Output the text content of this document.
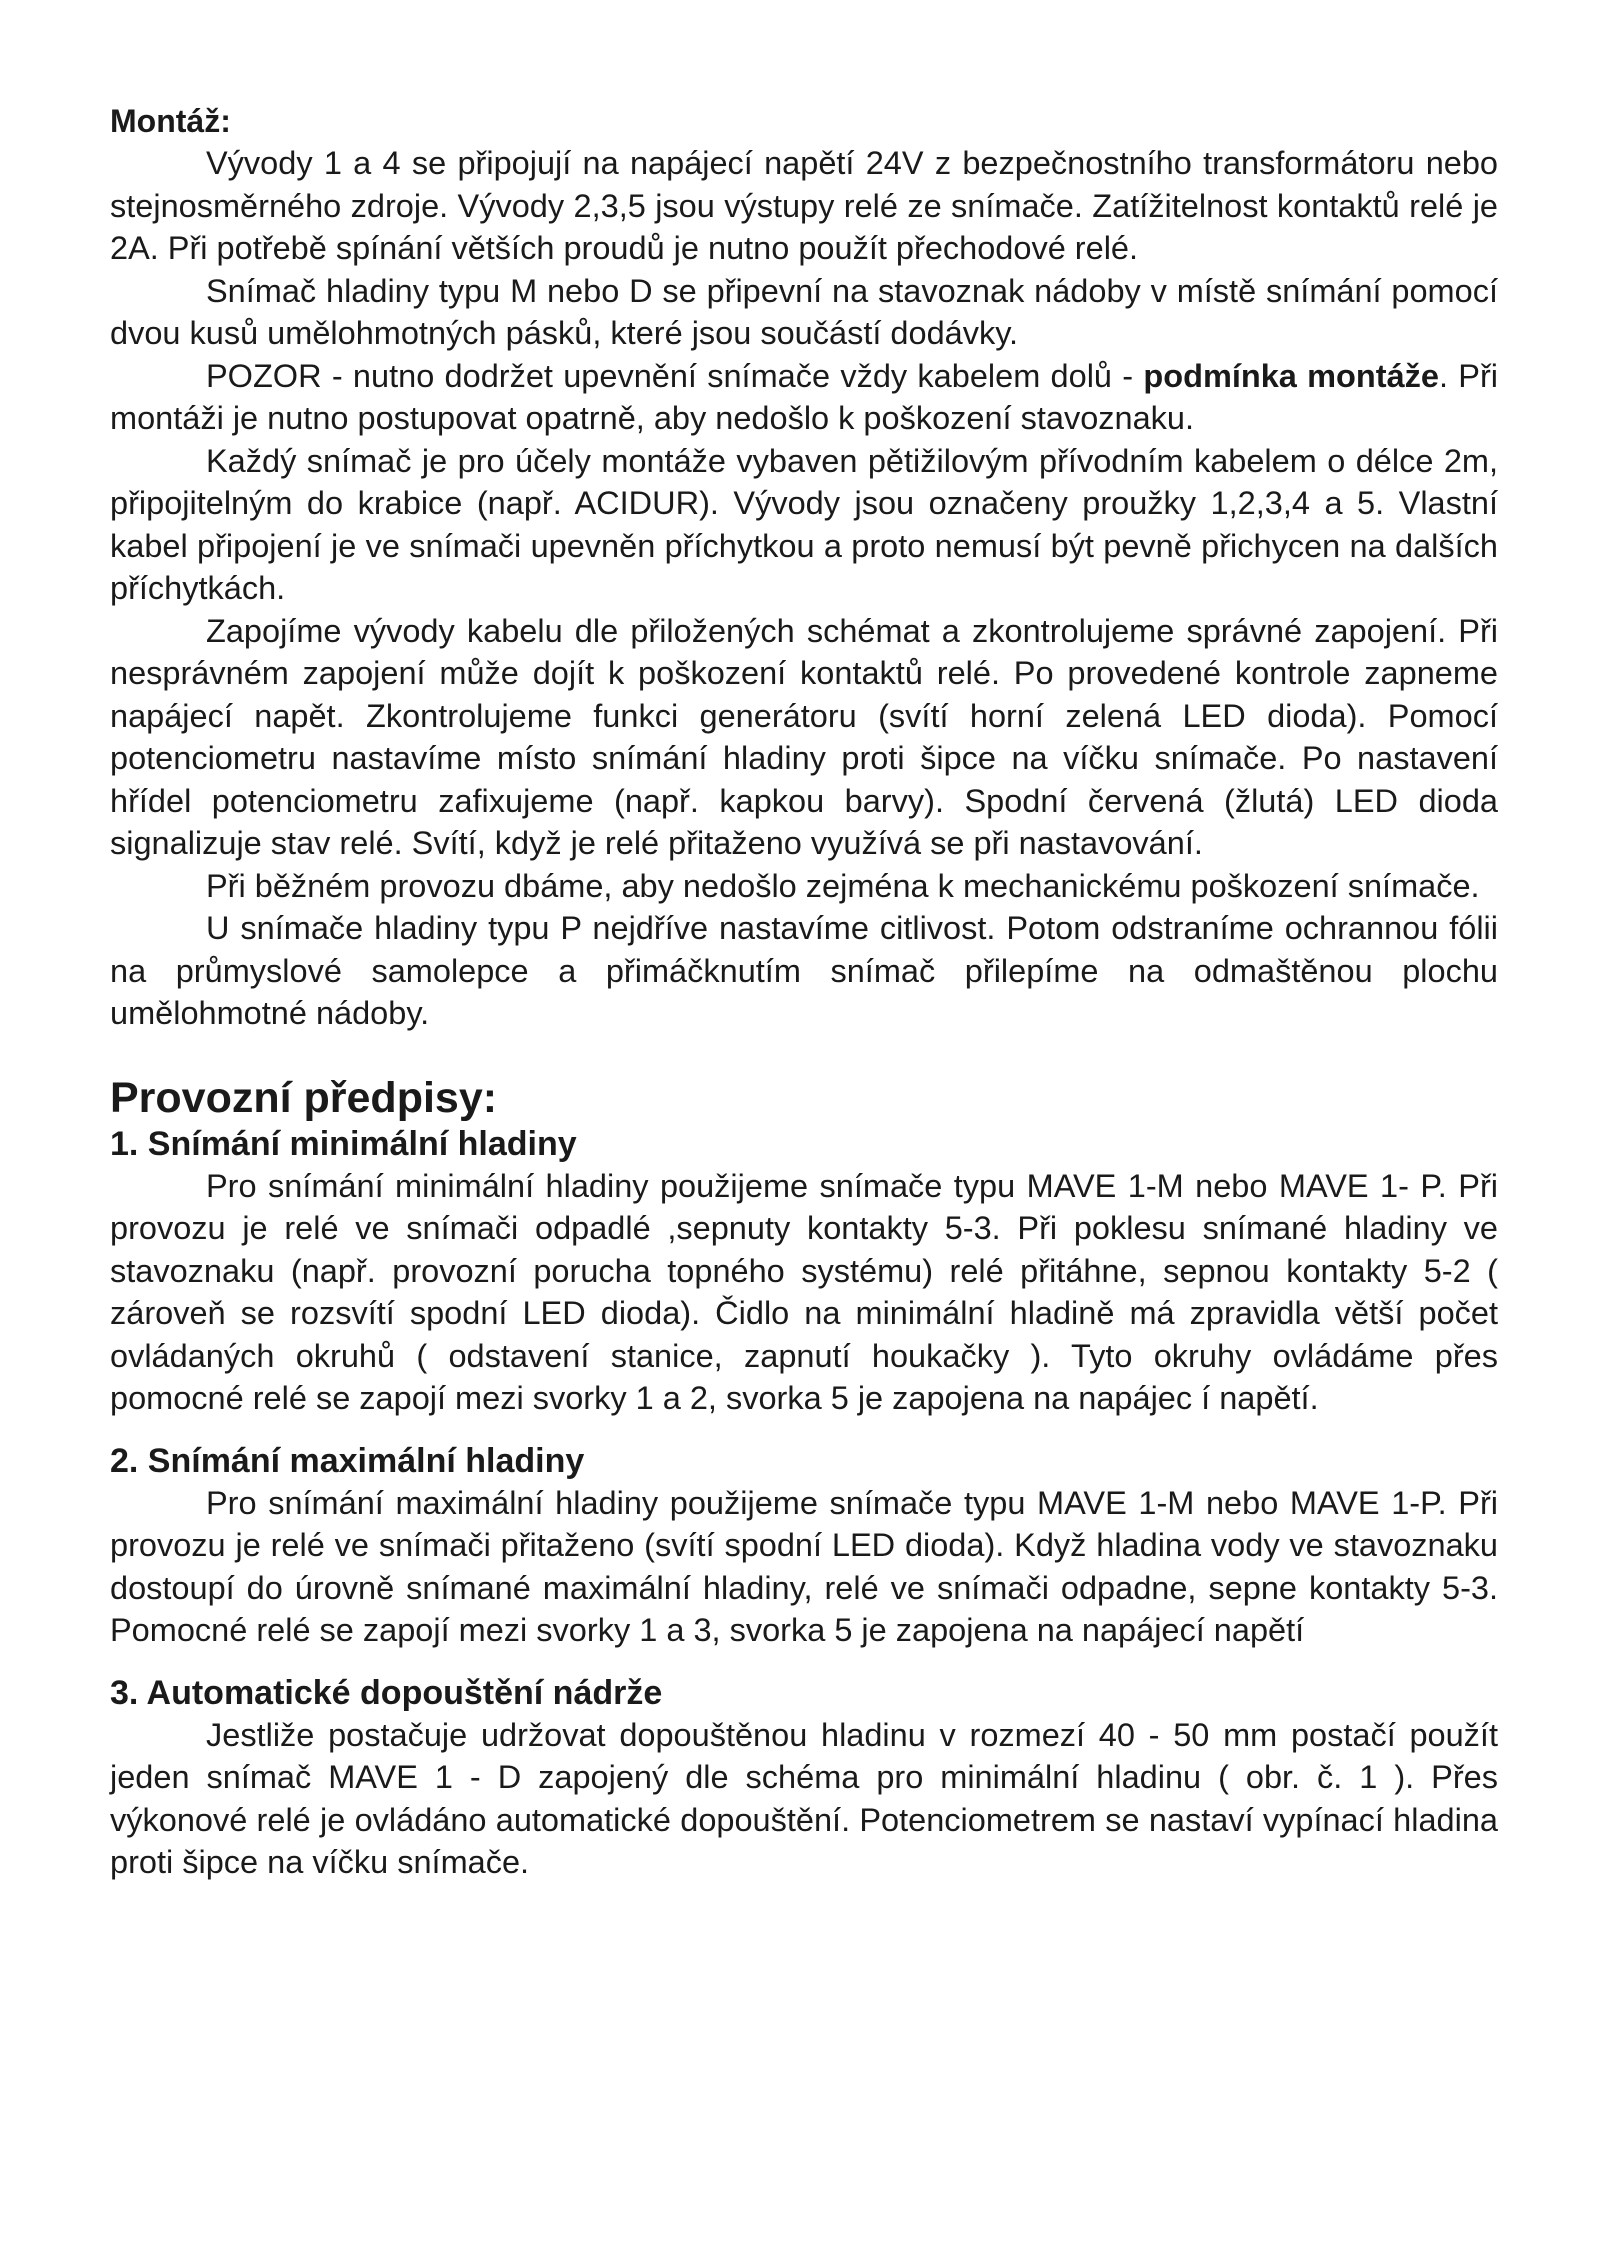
Montáž:

Vývody 1 a 4 se připojují na napájecí napětí 24V z bezpečnostního transformátoru nebo stejnosměrného zdroje. Vývody 2,3,5 jsou výstupy relé ze snímače. Zatížitelnost kontaktů relé je 2A. Při potřebě spínání větších proudů je nutno použít přechodové relé.

Snímač hladiny typu M nebo D se připevní na stavoznak nádoby v místě snímání pomocí dvou kusů umělohmotných pásků, které jsou součástí dodávky.

POZOR - nutno dodržet upevnění snímače vždy kabelem dolů - podmínka montáže. Při montáži je nutno postupovat opatrně, aby nedošlo k poškození stavoznaku.

Každý snímač je pro účely montáže vybaven pětižilovým přívodním kabelem o délce 2m, připojitelným do krabice (např. ACIDUR). Vývody jsou označeny proužky 1,2,3,4 a 5. Vlastní kabel připojení je ve snímači upevněn příchytkou a proto nemusí být pevně přichycen na dalších příchytkách.

Zapojíme vývody kabelu dle přiložených schémat a zkontrolujeme správné zapojení. Při nesprávném zapojení může dojít k poškození kontaktů relé. Po provedené kontrole zapneme napájecí napět. Zkontrolujeme funkci generátoru (svítí horní zelená LED dioda). Pomocí potenciometru nastavíme místo snímání hladiny proti šipce na víčku snímače. Po nastavení hřídel potenciometru zafixujeme (např. kapkou barvy). Spodní červená (žlutá) LED dioda signalizuje stav relé. Svítí, když je relé přitaženo využívá se při nastavování.

Při běžném provozu dbáme, aby nedošlo zejména k mechanickému poškození snímače.

U snímače hladiny typu P nejdříve nastavíme citlivost. Potom odstraníme ochrannou fólii na průmyslové samolepce a přimáčknutím snímač přilepíme na odmaštěnou plochu umělohmotné nádoby.

Provozní předpisy:
1. Snímání minimální hladiny

Pro snímání minimální hladiny použijeme snímače typu MAVE 1-M nebo MAVE 1- P. Při provozu je relé ve snímači odpadlé ,sepnuty kontakty 5-3. Při poklesu snímané hladiny ve stavoznaku (např. provozní porucha topného systému) relé přitáhne, sepnou kontakty 5-2 ( zároveň se rozsvítí spodní LED dioda). Čidlo na minimální hladině má zpravidla větší počet ovládaných okruhů ( odstavení stanice, zapnutí houkačky ). Tyto okruhy ovládáme přes pomocné relé se zapojí mezi svorky 1 a 2, svorka 5 je zapojena na napájec í napětí.

2. Snímání maximální hladiny

Pro snímání maximální hladiny použijeme snímače typu MAVE 1-M nebo MAVE 1-P. Při provozu je relé ve snímači přitaženo (svítí spodní LED dioda). Když hladina vody ve stavoznaku dostoupí do úrovně snímané maximální hladiny, relé ve snímači odpadne, sepne kontakty 5-3. Pomocné relé se zapojí mezi svorky 1 a 3, svorka 5 je zapojena na napájecí napětí

3. Automatické dopouštění nádrže

Jestliže postačuje udržovat dopouštěnou hladinu v rozmezí 40 - 50 mm postačí použít jeden snímač MAVE 1 - D zapojený dle schéma pro minimální hladinu ( obr. č. 1 ). Přes výkonové relé je ovládáno automatické dopouštění. Potenciometrem se nastaví vypínací hladina proti šipce na víčku snímače.
